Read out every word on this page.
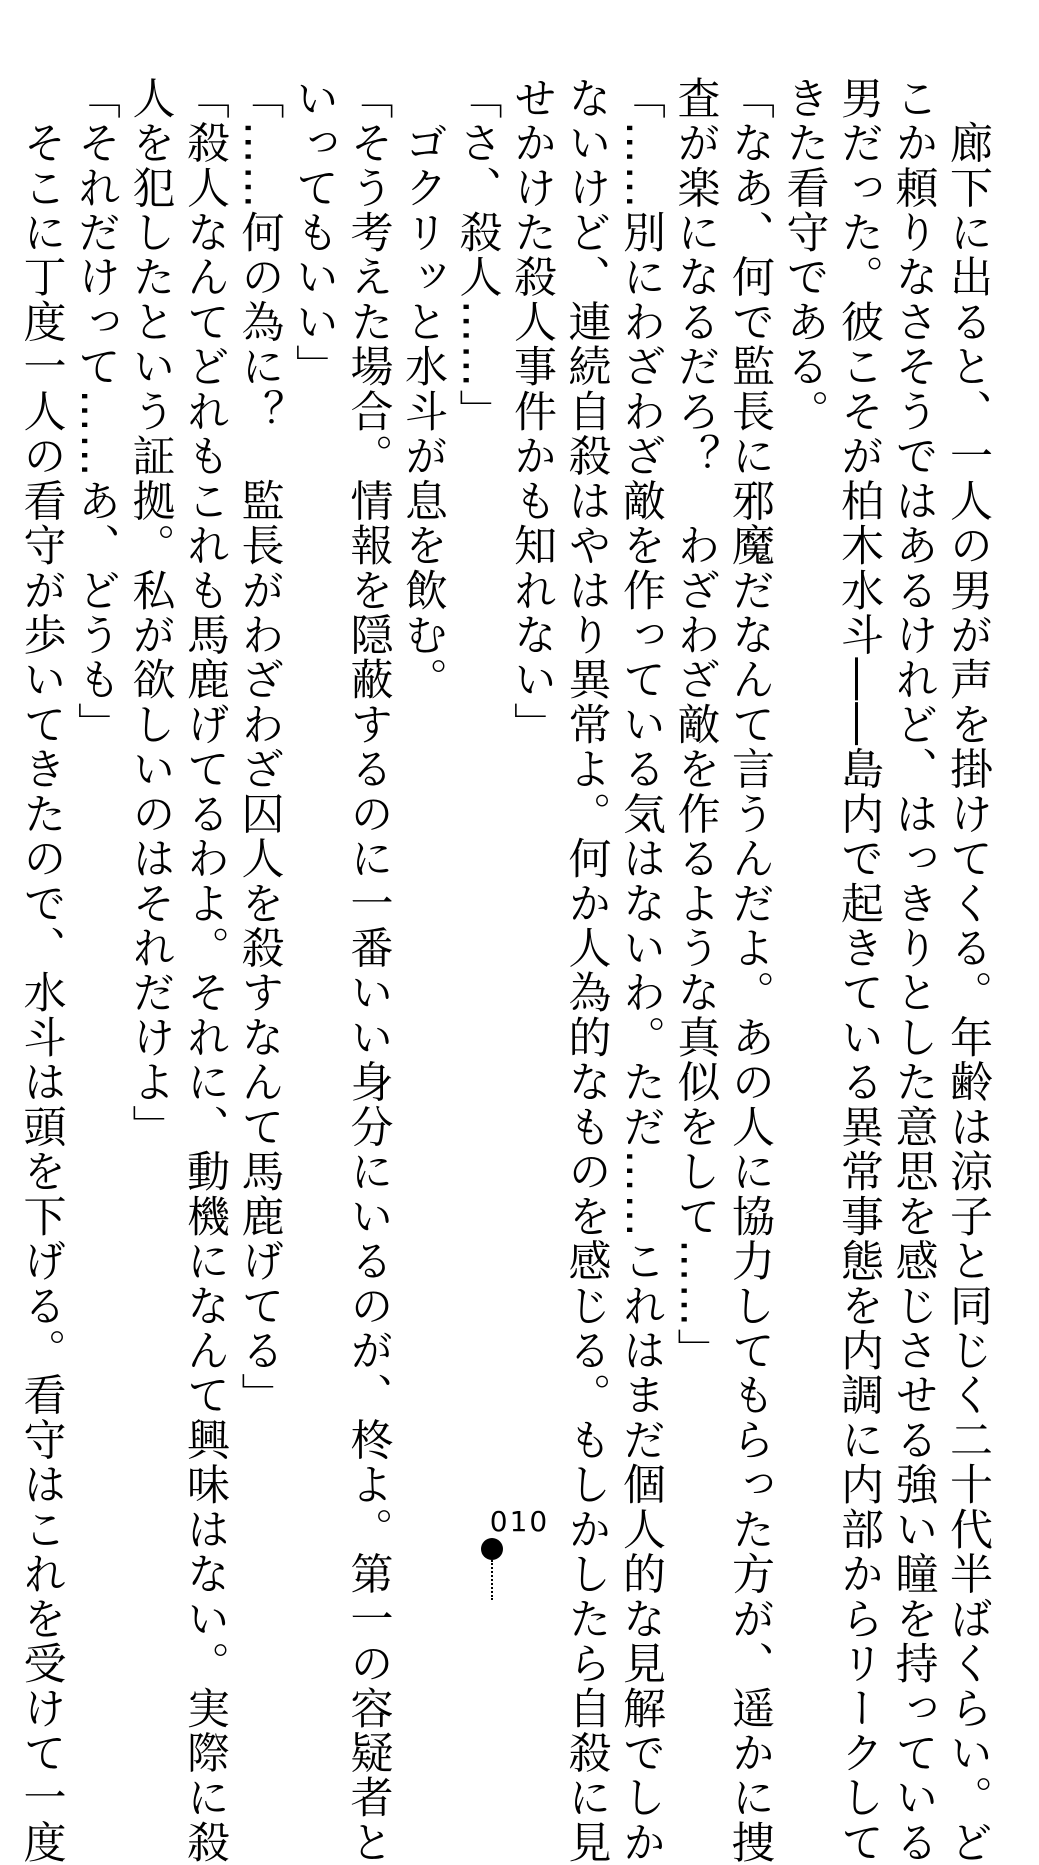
　廊下に出ると、一人の男が声を掛けてくる。年齢は涼子と同じく二十代半ばくらい。ど
こか頼りなさそうではあるけれど、はっきりとした意思を感じさせる強い瞳を持っている
男だった。彼こそが柏木水斗――島内で起きている異常事態を内調に内部からリークして
きた看守である。
「なあ、何で監長に邪魔だなんて言うんだよ。あの人に協力してもらった方が、遥かに捜
査が楽になるだろ？　わざわざ敵を作るような真似をして……」
「……別にわざわざ敵を作っている気はないわ。ただ……これはまだ個人的な見解でしか
ないけど、連続自殺はやはり異常よ。何か人為的なものを感じる。もしかしたら自殺に見
せかけた殺人事件かも知れない」
「さ、殺人……」
　ゴクリッと水斗が息を飲む。
「そう考えた場合。情報を隠蔽するのに一番いい身分にいるのが、柊よ。第一の容疑者と
いってもいい」
「……何の為に？　監長がわざわざ囚人を殺すなんて馬鹿げてる」
「殺人なんてどれもこれも馬鹿げてるわよ。それに、動機になんて興味はない。実際に殺
人を犯したという証拠。私が欲しいのはそれだけよ」
「それだけって……あ、どうも」
　そこに丁度一人の看守が歩いてきたので、水斗は頭を下げる。看守はこれを受けて一度	010
